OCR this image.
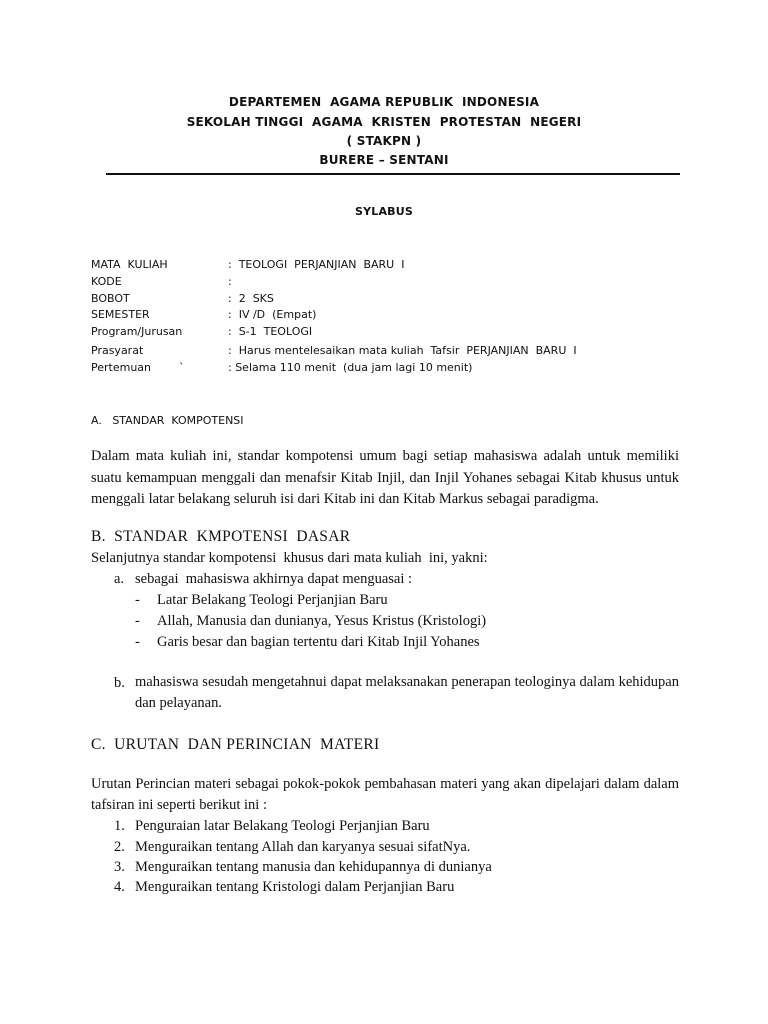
DEPARTEMEN  AGAMA REPUBLIK  INDONESIA
SEKOLAH TINGGI  AGAMA  KRISTEN  PROTESTAN  NEGERI
( STAKPN )
BURERE – SENTANI
SYLABUS
MATA  KULIAH	:  TEOLOGI  PERJANJIAN  BARU  I
KODE	:
BOBOT	:  2  SKS
SEMESTER	:  IV /D  (Empat)
Program/Jurusan	:  S-1  TEOLOGI
Prasyarat	:  Harus mentelesaikan mata kuliah  Tafsir  PERJANJIAN  BARU  I
Pertemuan        `	: Selama 110 menit  (dua jam lagi 10 menit)
A.   STANDAR  KOMPOTENSI
Dalam mata kuliah ini, standar kompotensi umum bagi setiap mahasiswa adalah untuk memiliki suatu kemampuan menggali dan menafsir Kitab Injil, dan Injil Yohanes sebagai Kitab khusus untuk menggali latar belakang seluruh isi dari Kitab ini dan Kitab Markus sebagai paradigma.
B.  STANDAR  KMPOTENSI  DASAR
Selanjutnya standar kompotensi  khusus dari mata kuliah  ini, yakni:
a. sebagai  mahasiswa akhirnya dapat menguasai :
- Latar Belakang Teologi Perjanjian Baru
- Allah, Manusia dan dunianya, Yesus Kristus (Kristologi)
- Garis besar dan bagian tertentu dari Kitab Injil Yohanes
b. mahasiswa sesudah mengetahnui dapat melaksanakan penerapan teologinya dalam kehidupan dan pelayanan.
C.  URUTAN  DAN PERINCIAN  MATERI
Urutan Perincian materi sebagai pokok-pokok pembahasan materi yang akan dipelajari dalam dalam tafsiran ini seperti berikut ini :
1. Penguraian latar Belakang Teologi Perjanjian Baru
2. Menguraikan tentang Allah dan karyanya sesuai sifatNya.
3. Menguraikan tentang manusia dan kehidupannya di dunianya
4. Menguraikan tentang Kristologi dalam Perjanjian Baru
